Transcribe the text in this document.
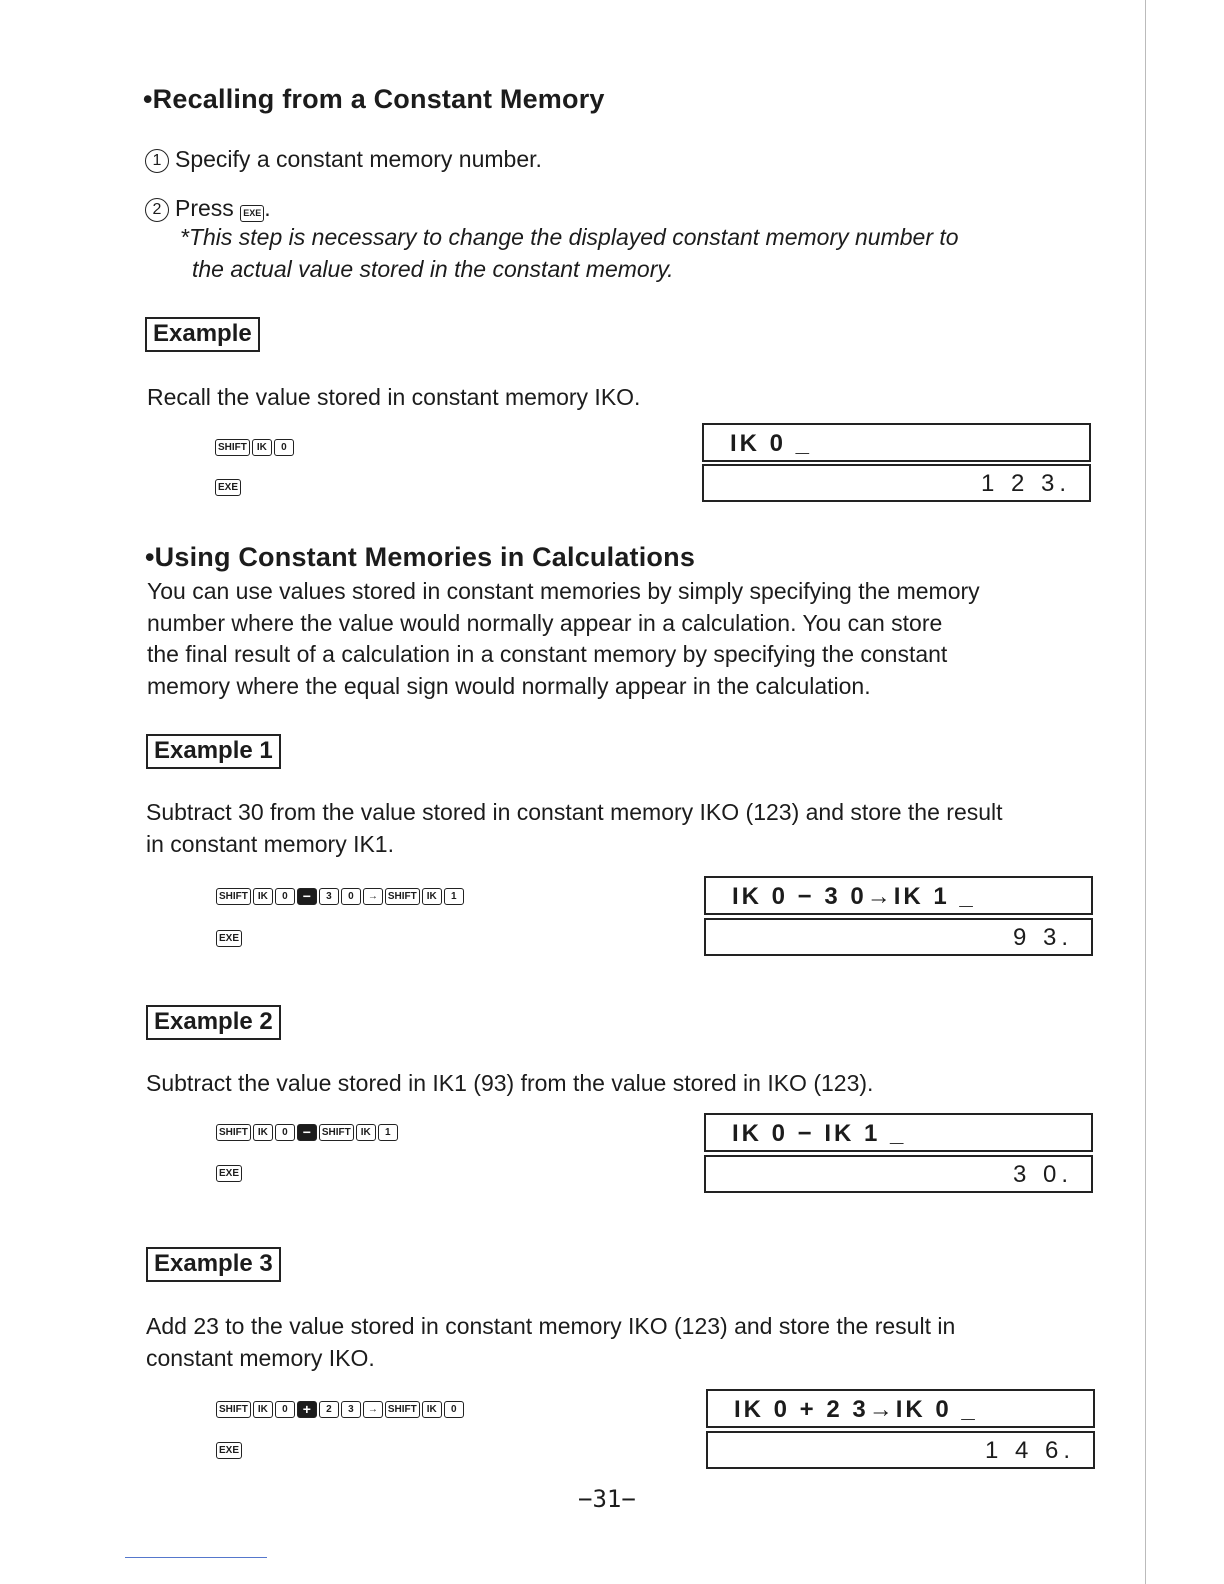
•Recalling from a Constant Memory
1 Specify a constant memory number.
2 Press EXE .
*This step is necessary to change the displayed constant memory number to
the actual value stored in the constant memory.
Example
Recall the value stored in constant memory IKO.
SHIFT	IK	0
EXE
IK 0 _
1 2 3.
•Using Constant Memories in Calculations
You can use values stored in constant memories by simply specifying the memory
number where the value would normally appear in a calculation. You can store
the final result of a calculation in a constant memory by specifying the constant
memory where the equal sign would normally appear in the calculation.
Example 1
Subtract 30 from the value stored in constant memory IKO (123) and store the result
in constant memory IK1.
SHIFT	IK	0	−	3	0	→	SHIFT	IK	1
EXE
IK 0 − 3 0→IK 1 _
9 3.
Example 2
Subtract the value stored in IK1 (93) from the value stored in IKO (123).
SHIFT	IK	0	−	SHIFT	IK	1
EXE
IK 0 − IK 1 _
3 0.
Example 3
Add 23 to the value stored in constant memory IKO (123) and store the result in
constant memory IKO.
SHIFT	IK	0	+	2	3	→	SHIFT	IK	0
EXE
IK 0 + 2 3→IK 0 _
1 4 6.
−31−
